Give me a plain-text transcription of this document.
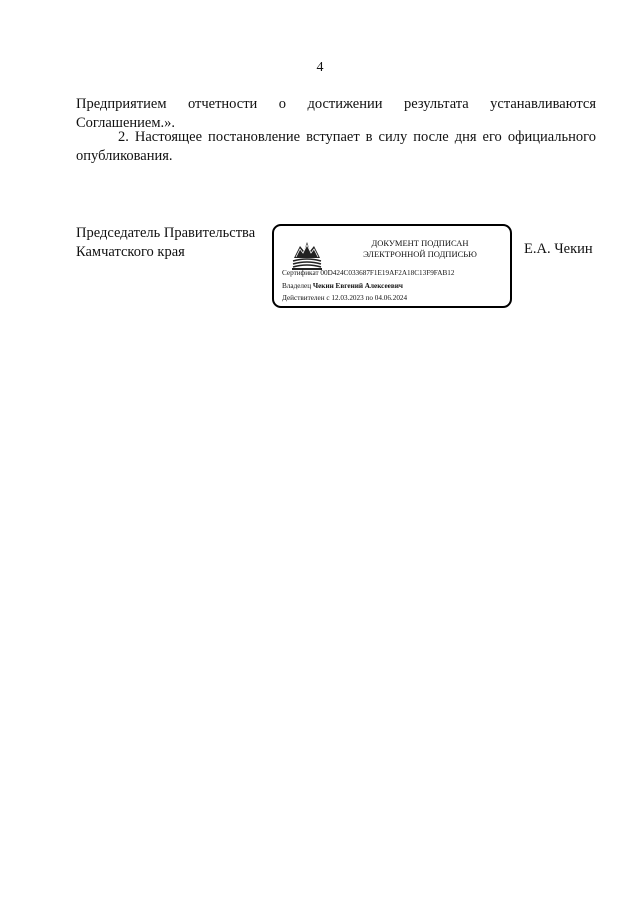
4
Предприятием отчетности о достижении результата устанавливаются
Соглашением.».
2. Настоящее постановление вступает в силу после дня его официального
опубликования.
Председатель Правительства
Камчатского края
ДОКУМЕНТ ПОДПИСАН
ЭЛЕКТРОННОЙ ПОДПИСЬЮ
Сертификат 00D424C033687F1E19AF2A18C13F9FAB12
Владелец Чекин Евгений Алексеевич
Действителен с 12.03.2023 по 04.06.2024
Е.А. Чекин
